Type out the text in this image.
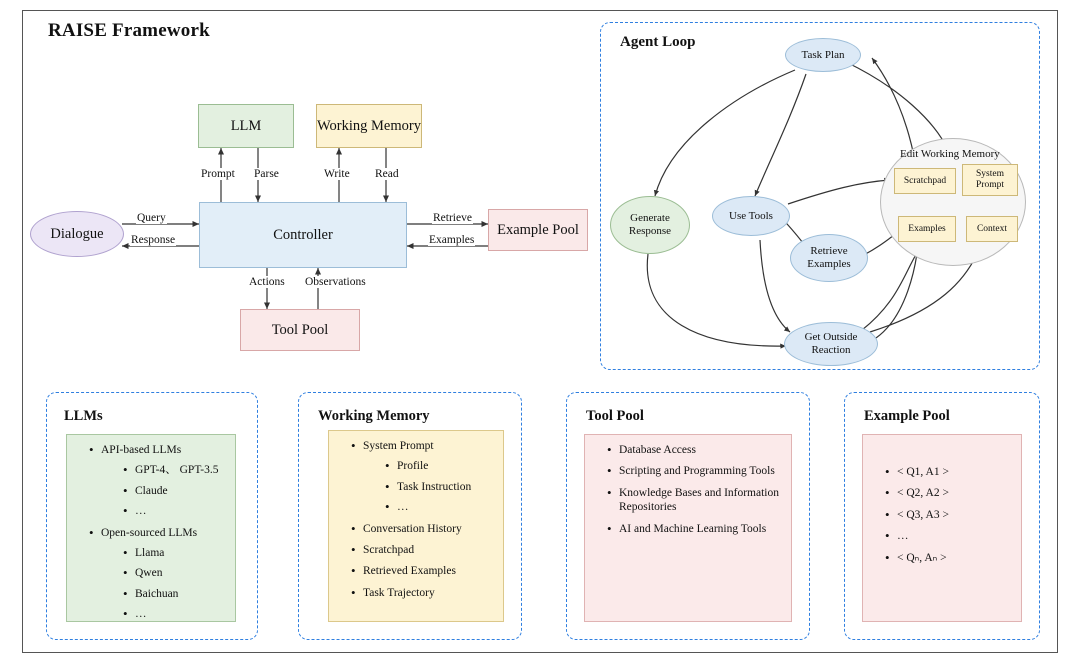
RAISE Framework
LLM	Working Memory
Controller
Tool Pool
Example Pool
Dialogue
Prompt Parse	Write Read
Query
Response
Retrieve
Examples
Actions Observations
Agent Loop
Task Plan
Generate
Response
Use Tools
Retrieve
Examples
Get Outside
Reaction
Edit Working Memory
Scratchpad
System
Prompt
Examples	Context
LLMs
• API-based LLMs
• GPT-4、 GPT-3.5
• Claude
• …
• Open-sourced LLMs
• Llama
• Qwen
• Baichuan
• …
Working Memory
• System Prompt
• Profile
• Task Instruction
• …
• Conversation History
• Scratchpad
• Retrieved Examples
• Task Trajectory
Tool Pool
• Database Access
• Scripting and Programming Tools
• Knowledge Bases and Information Repositories
• AI and Machine Learning Tools
Example Pool
• < Q1, A1 >
• < Q2, A2 >
• < Q3, A3 >
• …
• < Qₙ, Aₙ >
